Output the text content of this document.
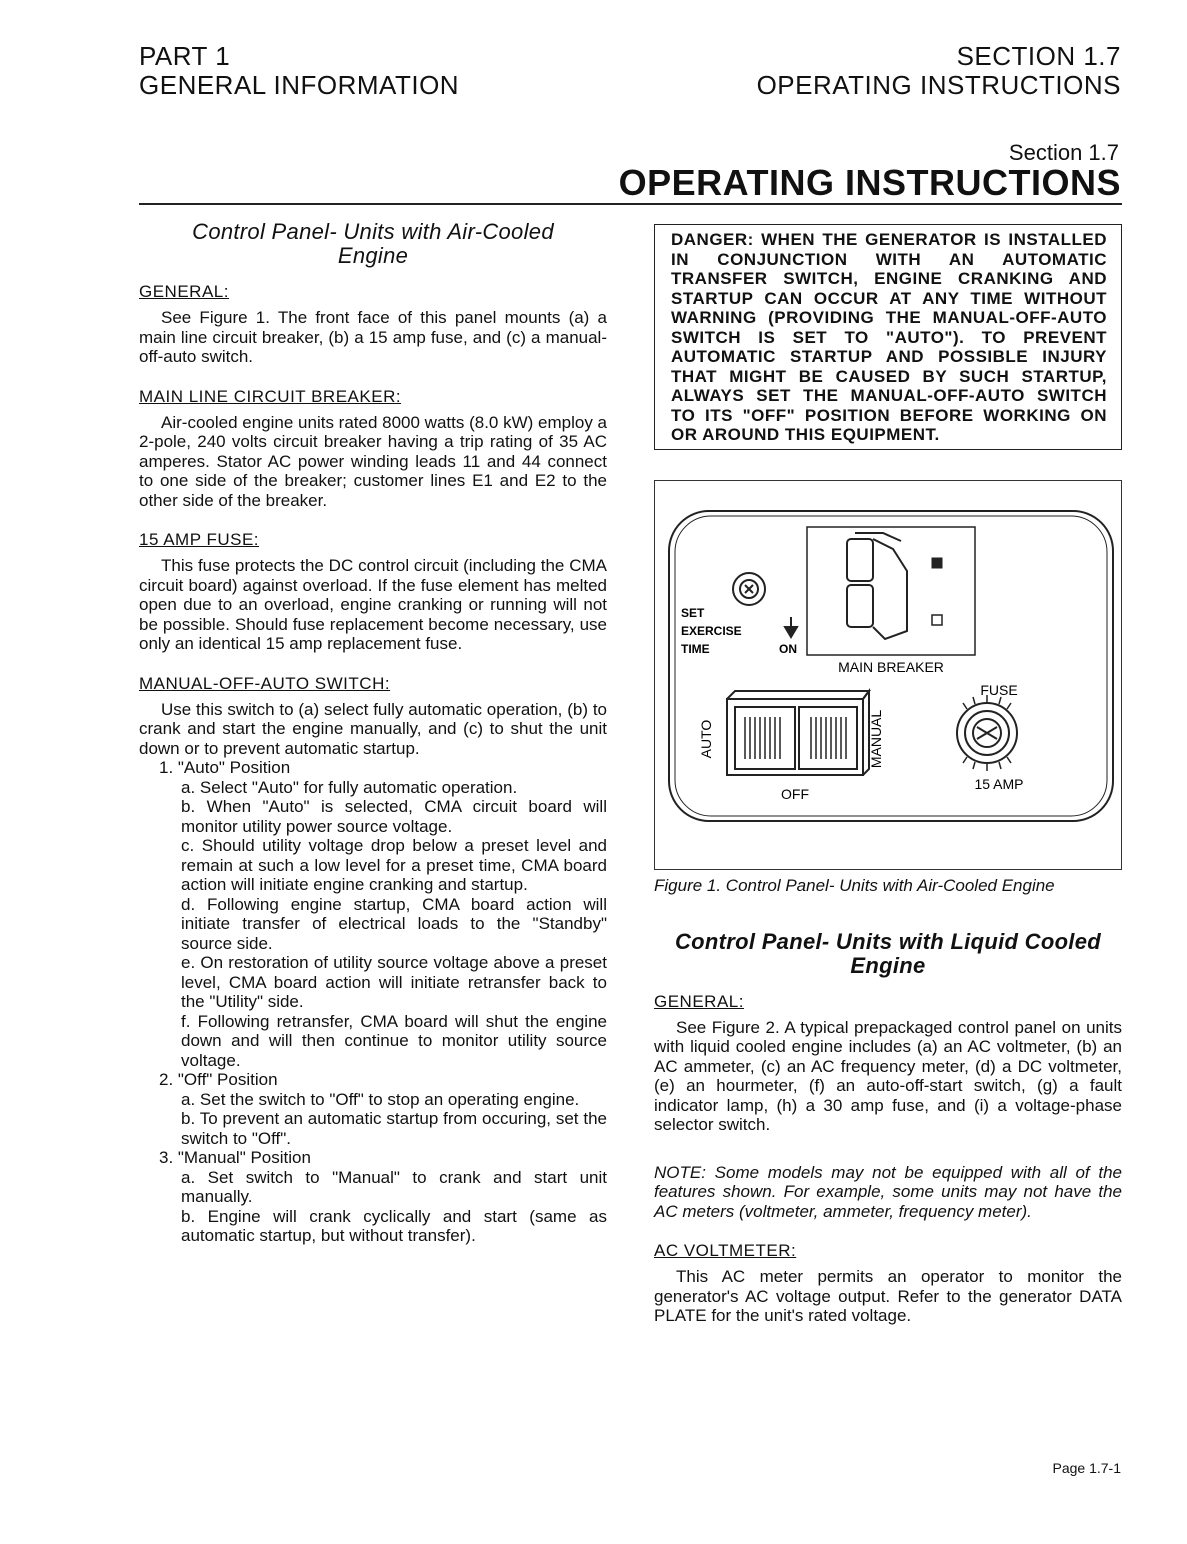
PART 1
GENERAL INFORMATION
SECTION 1.7
OPERATING INSTRUCTIONS
Section 1.7
OPERATING INSTRUCTIONS
Control Panel- Units with Air-Cooled Engine
GENERAL:

See Figure 1. The front face of this panel mounts (a) a main line circuit breaker, (b) a 15 amp fuse, and (c) a manual-off-auto switch.

MAIN LINE CIRCUIT BREAKER:

Air-cooled engine units rated 8000 watts (8.0 kW) employ a 2-pole, 240 volts circuit breaker having a trip rating of 35 AC amperes. Stator AC power winding leads 11 and 44 connect to one side of the breaker; customer lines E1 and E2 to the other side of the breaker.

15 AMP FUSE:

This fuse protects the DC control circuit (including the CMA circuit board) against overload. If the fuse element has melted open due to an overload, engine cranking or running will not be possible. Should fuse replacement become necessary, use only an identical 15 amp replacement fuse.

MANUAL-OFF-AUTO SWITCH:

Use this switch to (a) select fully automatic operation, (b) to crank and start the engine manually, and (c) to shut the unit down or to prevent automatic startup.

1. "Auto" Position

a. Select "Auto" for fully automatic operation.

b. When "Auto" is selected, CMA circuit board will monitor utility power source voltage.

c. Should utility voltage drop below a preset level and remain at such a low level for a preset time, CMA board action will initiate engine cranking and startup.

d. Following engine startup, CMA board action will initiate transfer of electrical loads to the "Standby" source side.

e. On restoration of utility source voltage above a preset level, CMA board action will initiate retransfer back to the "Utility" side.

f. Following retransfer, CMA board will shut the engine down and will then continue to monitor utility source voltage.

2. "Off" Position

a. Set the switch to "Off" to stop an operating engine.

b. To prevent an automatic startup from occuring, set the switch to "Off".

3. "Manual" Position

a. Set switch to "Manual" to crank and start unit manually.

b. Engine will crank cyclically and start (same as automatic startup, but without transfer).

DANGER: WHEN THE GENERATOR IS INSTALLED IN CONJUNCTION WITH AN AUTOMATIC TRANSFER SWITCH, ENGINE CRANKING AND STARTUP CAN OCCUR AT ANY TIME WITHOUT WARNING (PROVIDING THE MANUAL-OFF-AUTO SWITCH IS SET TO "AUTO"). TO PREVENT AUTOMATIC STARTUP AND POSSIBLE INJURY THAT MIGHT BE CAUSED BY SUCH STARTUP, ALWAYS SET THE MANUAL-OFF-AUTO SWITCH TO ITS "OFF" POSITION BEFORE WORKING ON OR AROUND THIS EQUIPMENT.
MAIN BREAKER
SET
EXERCISE
TIME	ON
AUTO	MANUAL
OFF
FUSE
15 AMP
Figure 1. Control Panel- Units with Air-Cooled Engine
Control Panel- Units with Liquid Cooled Engine
GENERAL:

See Figure 2. A typical prepackaged control panel on units with liquid cooled engine includes (a) an AC voltmeter, (b) an AC ammeter, (c) an AC frequency meter, (d) a DC voltmeter, (e) an hourmeter, (f) an auto-off-start switch, (g) a fault indicator lamp, (h) a 30 amp fuse, and (i) a voltage-phase selector switch.

NOTE: Some models may not be equipped with all of the features shown. For example, some units may not have the AC meters (voltmeter, ammeter, frequency meter).

AC VOLTMETER:

This AC meter permits an operator to monitor the generator's AC voltage output. Refer to the generator DATA PLATE for the unit's rated voltage.

Page 1.7-1
